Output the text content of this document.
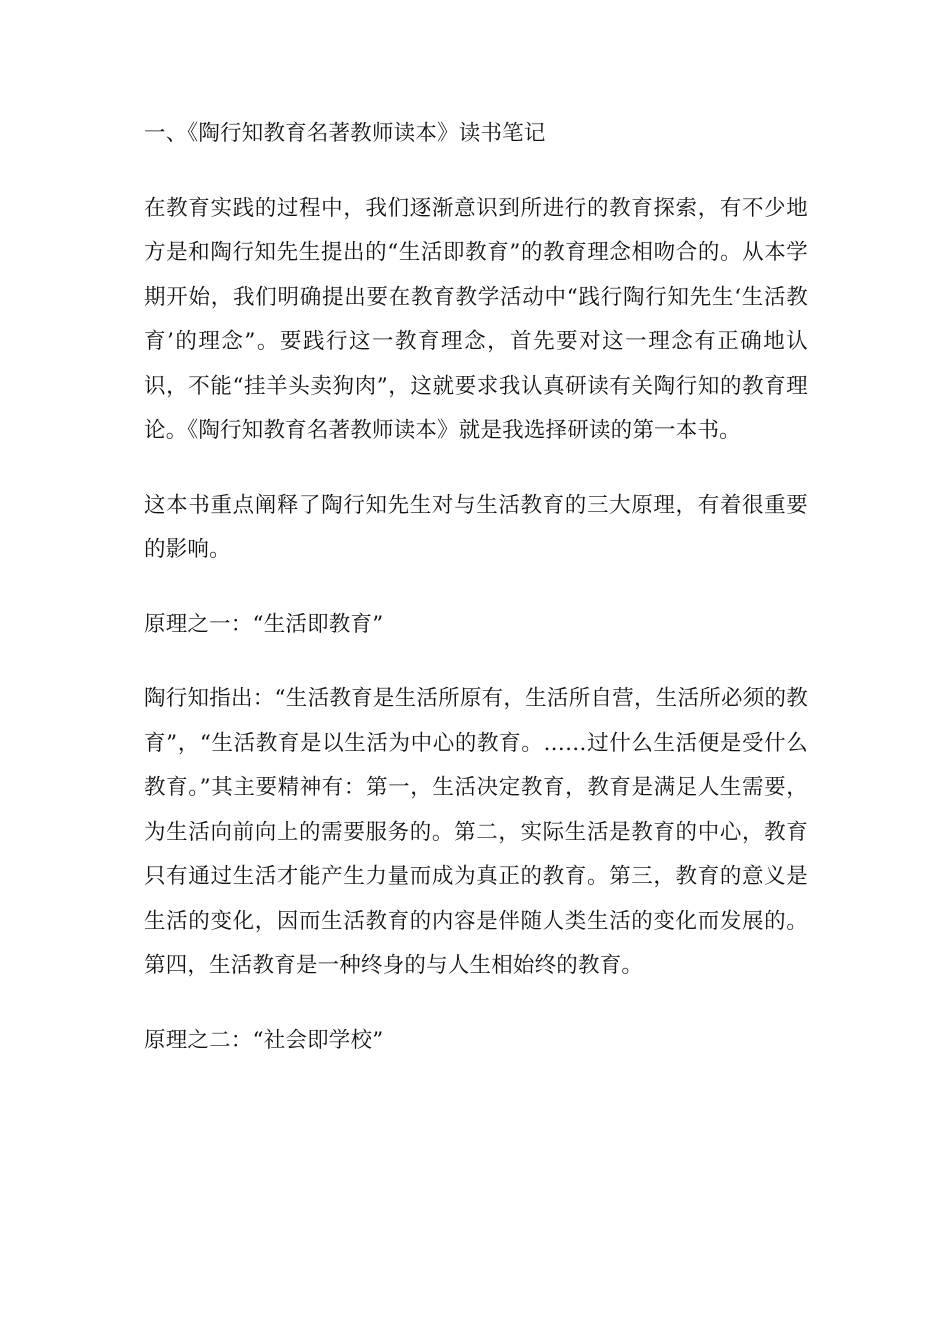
一、《陶行知教育名著教师读本》读书笔记

在教育实践的过程中，我们逐渐意识到所进行的教育探索，有不少地方是和陶行知先生提出的“生活即教育”的教育理念相吻合的。从本学期开始，我们明确提出要在教育教学活动中“践行陶行知先生‘生活教育’的理念”。要践行这一教育理念，首先要对这一理念有正确地认识，不能“挂羊头卖狗肉”，这就要求我认真研读有关陶行知的教育理论。《陶行知教育名著教师读本》就是我选择研读的第一本书。

这本书重点阐释了陶行知先生对与生活教育的三大原理，有着很重要的影响。

原理之一：“生活即教育”

陶行知指出：“生活教育是生活所原有，生活所自营，生活所必须的教育”，“生活教育是以生活为中心的教育。……过什么生活便是受什么教育。”其主要精神有：第一，生活决定教育，教育是满足人生需要，为生活向前向上的需要服务的。第二，实际生活是教育的中心，教育只有通过生活才能产生力量而成为真正的教育。第三，教育的意义是生活的变化，因而生活教育的内容是伴随人类生活的变化而发展的。第四，生活教育是一种终身的与人生相始终的教育。

原理之二：“社会即学校”
